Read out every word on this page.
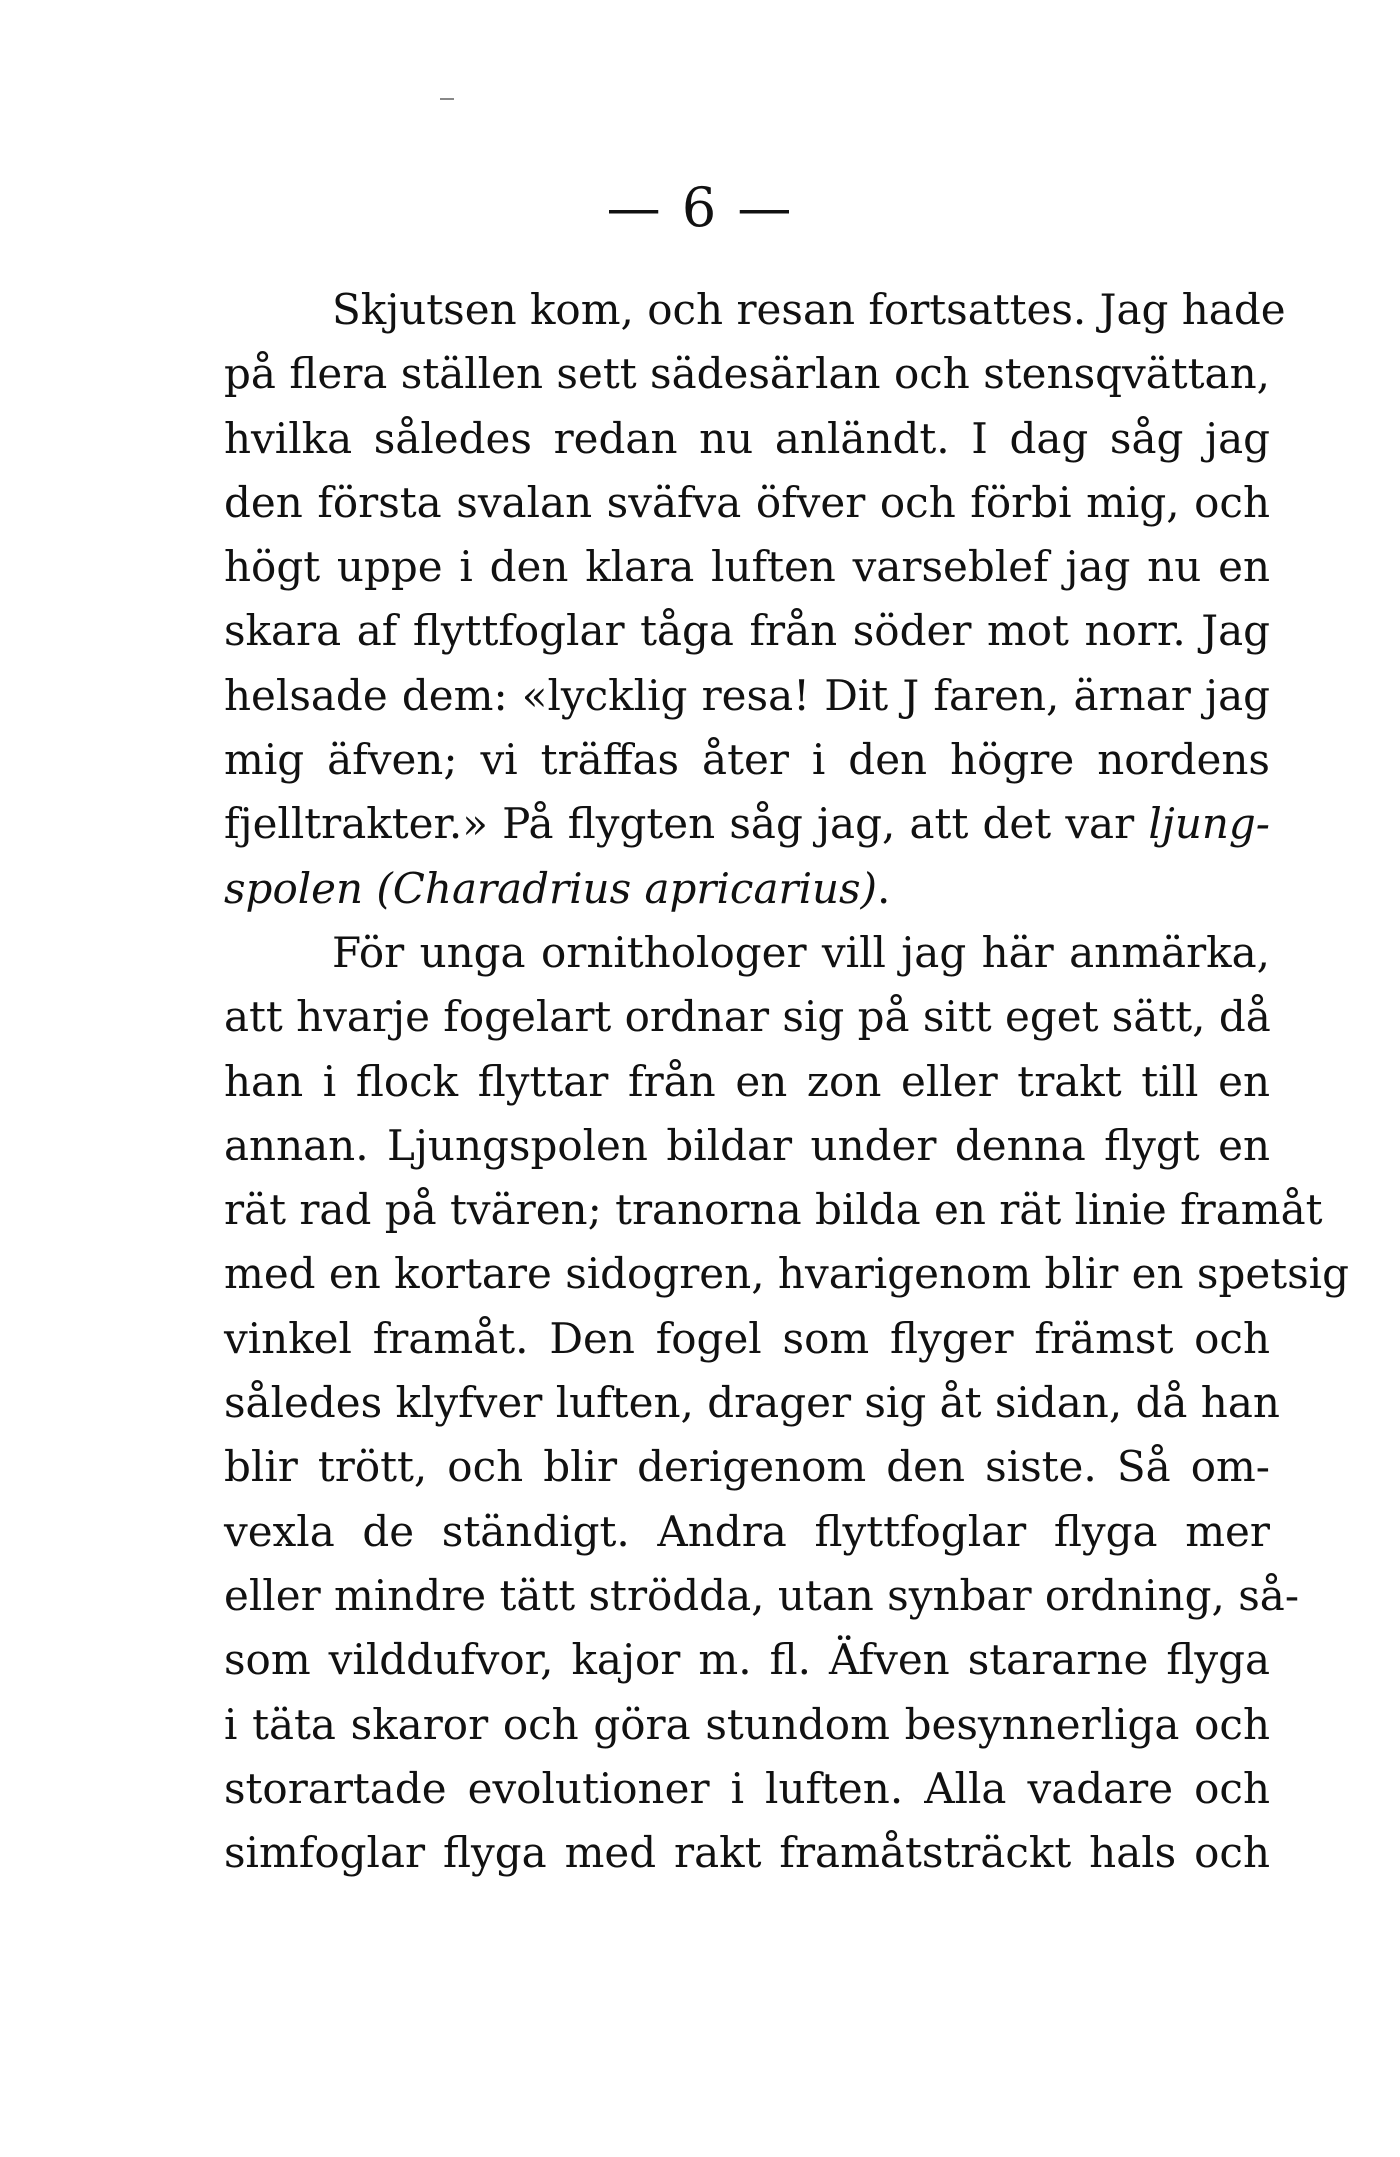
— 6 —
Skjutsen kom, och resan fortsattes. Jag hade
på flera ställen sett sädesärlan och stensqvättan,
hvilka således redan nu anländt. I dag såg jag
den första svalan sväfva öfver och förbi mig, och
högt uppe i den klara luften varseblef jag nu en
skara af flyttfoglar tåga från söder mot norr. Jag
helsade dem: «lycklig resa! Dit J faren, ärnar jag
mig äfven; vi träffas åter i den högre nordens
fjelltrakter.» På flygten såg jag, att det var ljung-
spolen (Charadrius apricarius).
För unga ornithologer vill jag här anmärka,
att hvarje fogelart ordnar sig på sitt eget sätt, då
han i flock flyttar från en zon eller trakt till en
annan. Ljungspolen bildar under denna flygt en
rät rad på tvären; tranorna bilda en rät linie framåt
med en kortare sidogren, hvarigenom blir en spetsig
vinkel framåt. Den fogel som flyger främst och
således klyfver luften, drager sig åt sidan, då han
blir trött, och blir derigenom den siste. Så om-
vexla de ständigt. Andra flyttfoglar flyga mer
eller mindre tätt strödda, utan synbar ordning, så-
som vilddufvor, kajor m. fl. Äfven stararne flyga
i täta skaror och göra stundom besynnerliga och
storartade evolutioner i luften. Alla vadare och
simfoglar flyga med rakt framåtsträckt hals och
